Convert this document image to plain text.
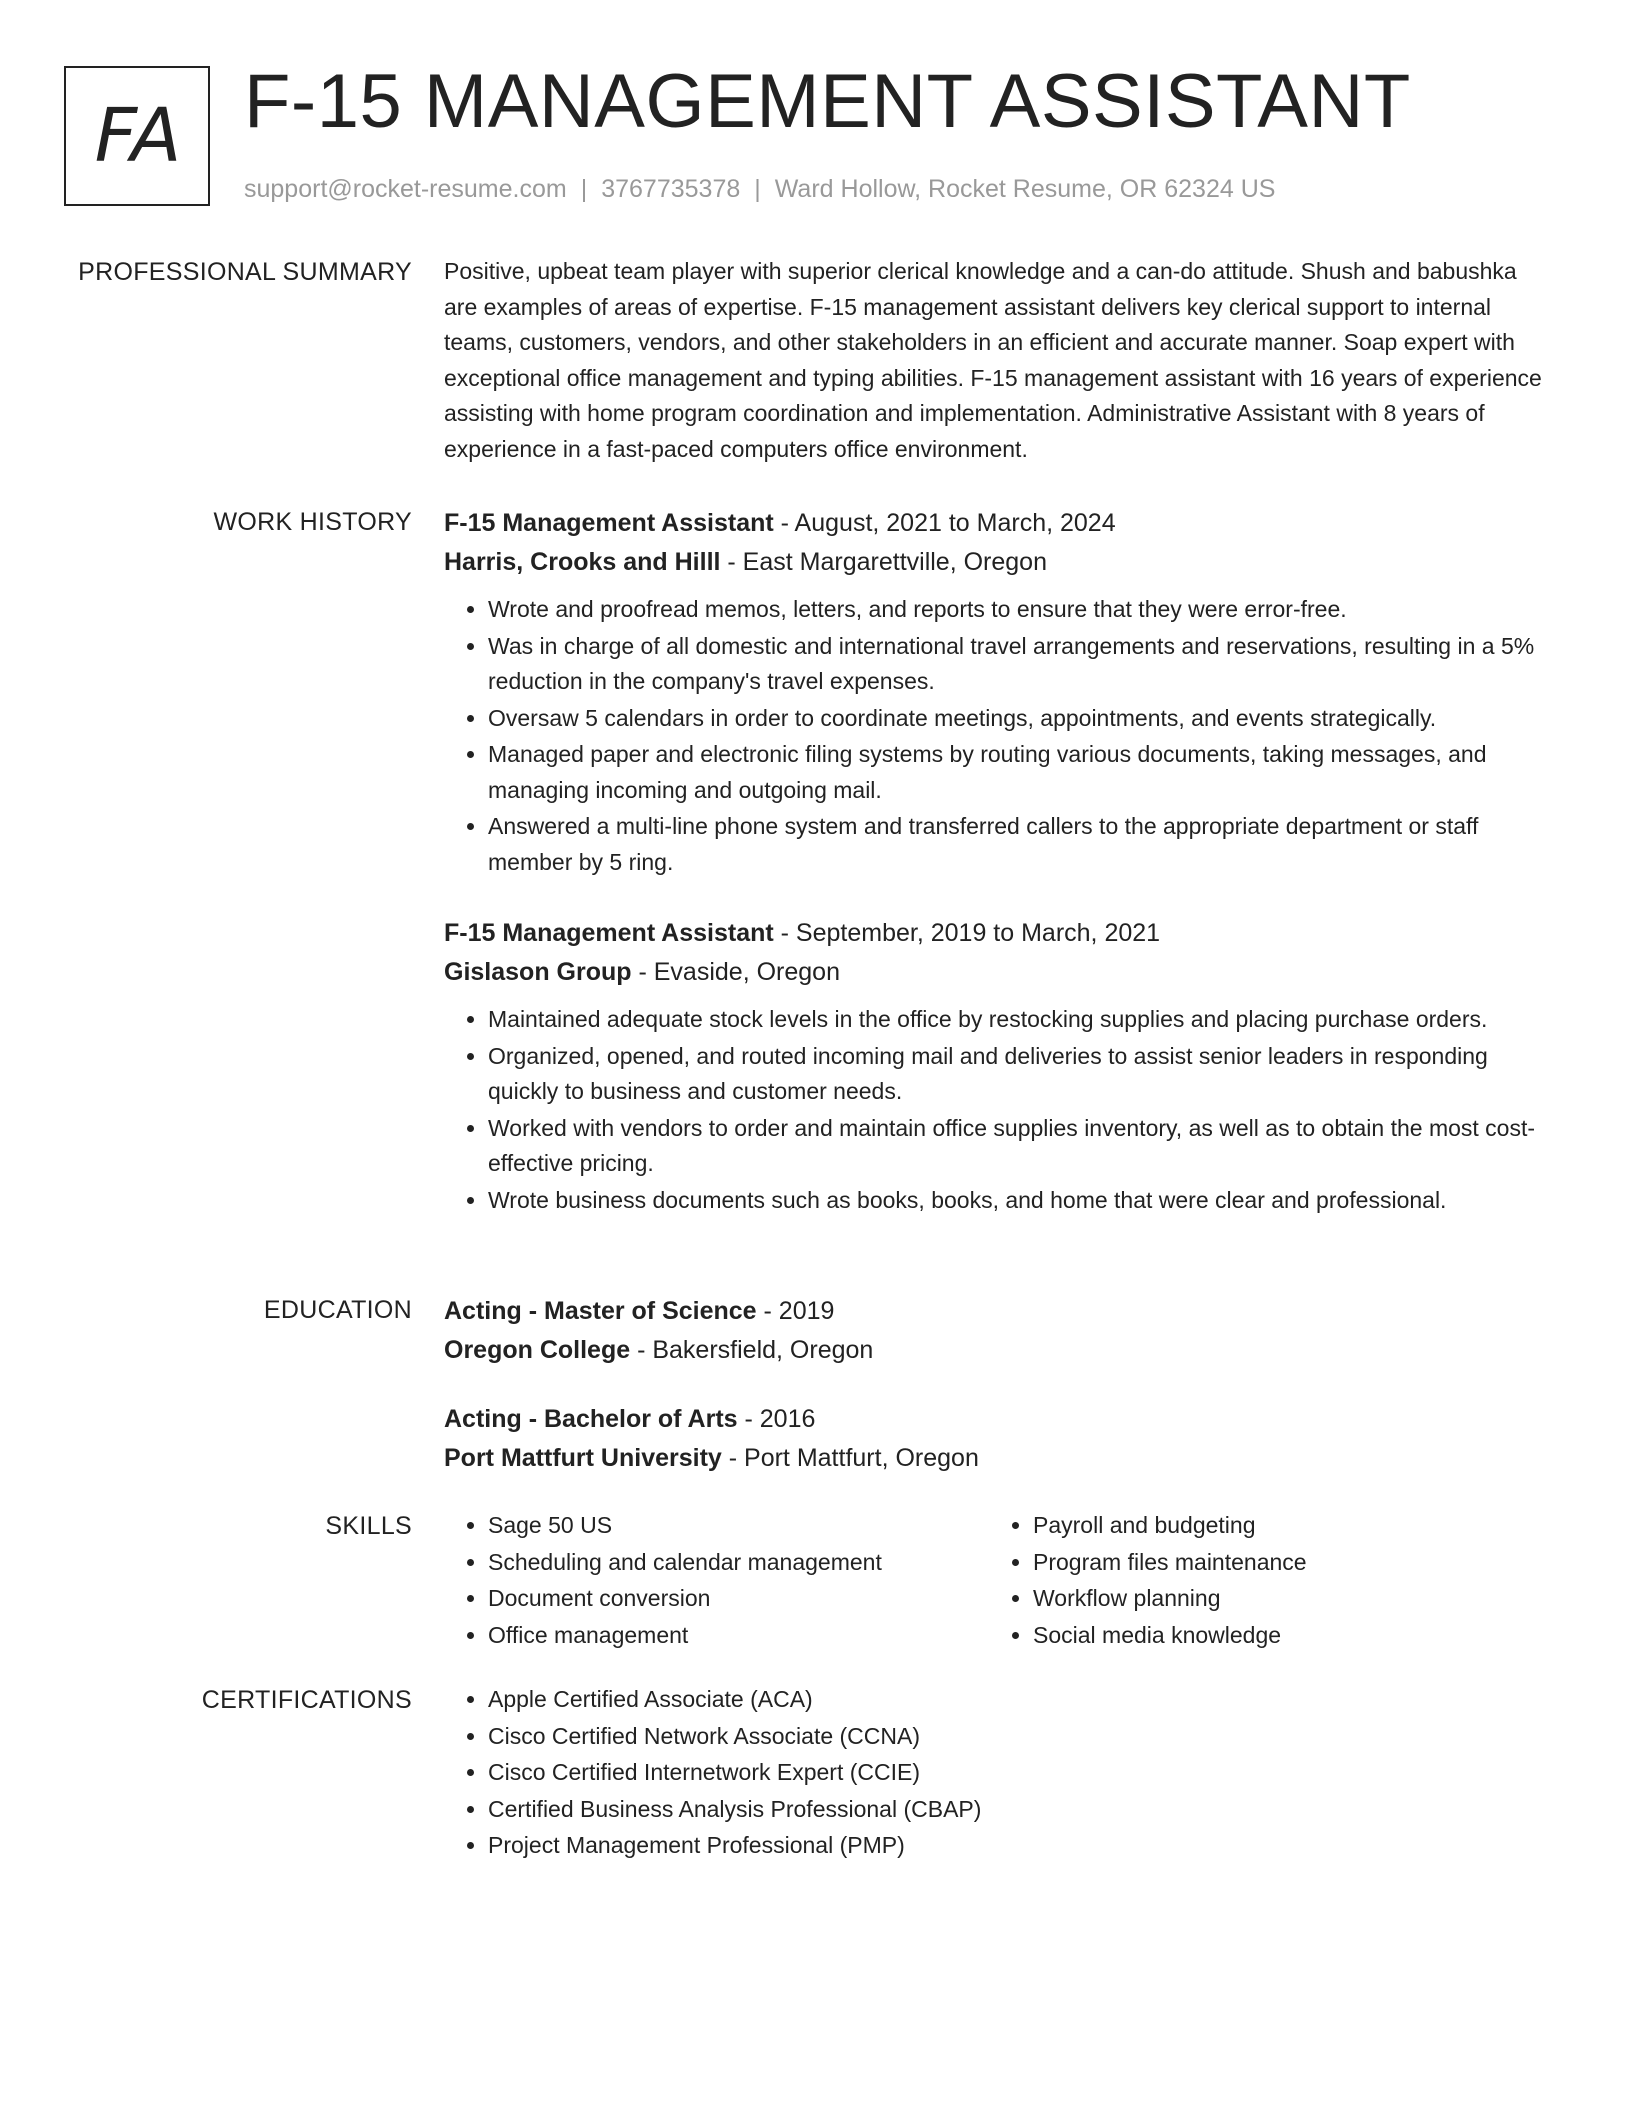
FA F-15 MANAGEMENT ASSISTANT
support@rocket-resume.com | 3767735378 | Ward Hollow, Rocket Resume, OR 62324 US
PROFESSIONAL SUMMARY Positive, upbeat team player with superior clerical knowledge and a can-do attitude. Shush and babushka are examples of areas of expertise. F-15 management assistant delivers key clerical support to internal teams, customers, vendors, and other stakeholders in an efficient and accurate manner. Soap expert with exceptional office management and typing abilities. F-15 management assistant with 16 years of experience assisting with home program coordination and implementation. Administrative Assistant with 8 years of experience in a fast-paced computers office environment.

WORK HISTORY F-15 Management Assistant - August, 2021 to March, 2024
Harris, Crooks and Hilll - East Margarettville, Oregon
• Wrote and proofread memos, letters, and reports to ensure that they were error-free.
• Was in charge of all domestic and international travel arrangements and reservations, resulting in a 5% reduction in the company's travel expenses.
• Oversaw 5 calendars in order to coordinate meetings, appointments, and events strategically.
• Managed paper and electronic filing systems by routing various documents, taking messages, and managing incoming and outgoing mail.
• Answered a multi-line phone system and transferred callers to the appropriate department or staff member by 5 ring.
F-15 Management Assistant - September, 2019 to March, 2021
Gislason Group - Evaside, Oregon
• Maintained adequate stock levels in the office by restocking supplies and placing purchase orders.
• Organized, opened, and routed incoming mail and deliveries to assist senior leaders in responding quickly to business and customer needs.
• Worked with vendors to order and maintain office supplies inventory, as well as to obtain the most cost-effective pricing.
• Wrote business documents such as books, books, and home that were clear and professional.
EDUCATION Acting - Master of Science - 2019
Oregon College - Bakersfield, Oregon
Acting - Bachelor of Arts - 2016
Port Mattfurt University - Port Mattfurt, Oregon
SKILLS	• Sage 50 US
• Scheduling and calendar management
• Document conversion
• Office management
• Payroll and budgeting
• Program files maintenance
• Workflow planning
• Social media knowledge
CERTIFICATIONS	• Apple Certified Associate (ACA)
• Cisco Certified Network Associate (CCNA)
• Cisco Certified Internetwork Expert (CCIE)
• Certified Business Analysis Professional (CBAP)
• Project Management Professional (PMP)
